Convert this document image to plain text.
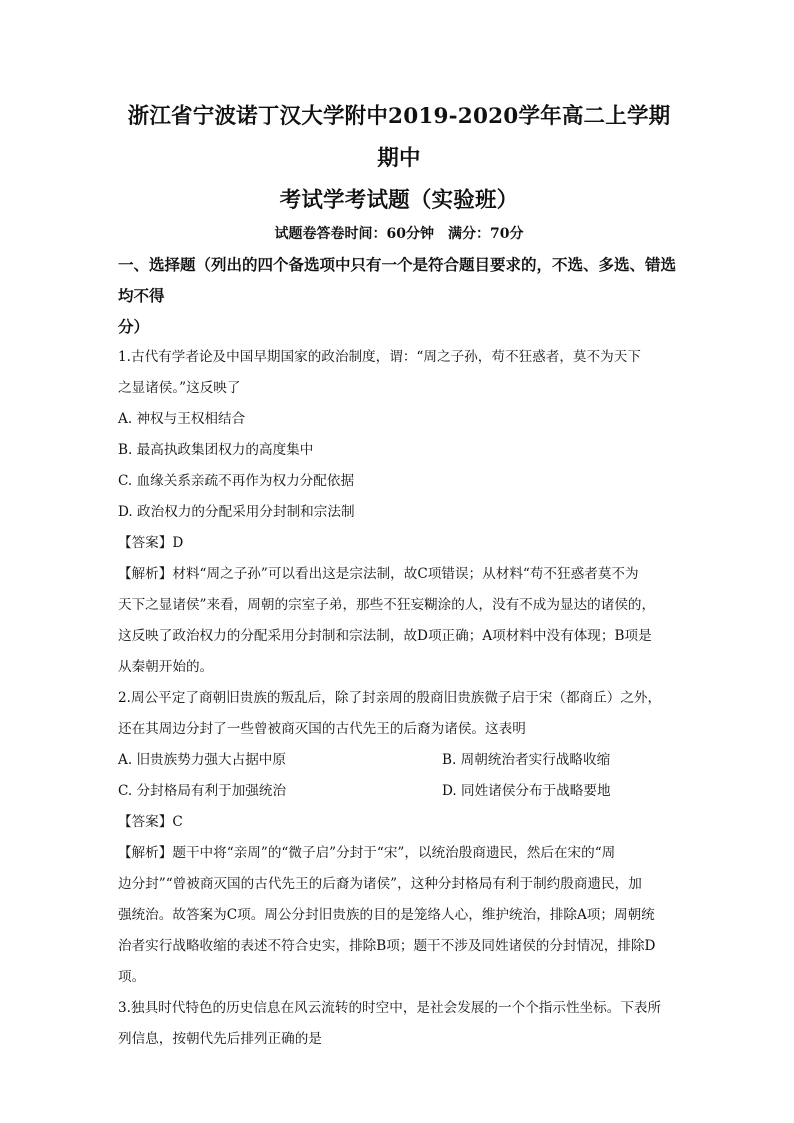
浙江省宁波诺丁汉大学附中2019-2020学年高二上学期期中
考试学考试题（实验班）
试题卷答卷时间：60分钟　满分：70分

一、选择题（列出的四个备选项中只有一个是符合题目要求的，不选、多选、错选均不得

分）

1.古代有学者论及中国早期国家的政治制度，谓：“周之子孙，苟不狂惑者，莫不为天下

之显诸侯。”这反映了

A. 神权与王权相结合

B. 最高执政集团权力的高度集中

C. 血缘关系亲疏不再作为权力分配依据

D. 政治权力的分配采用分封制和宗法制

【答案】D

【解析】材料“周之子孙”可以看出这是宗法制，故C项错误；从材料“苟不狂惑者莫不为

天下之显诸侯”来看，周朝的宗室子弟，那些不狂妄糊涂的人，没有不成为显达的诸侯的，

这反映了政治权力的分配采用分封制和宗法制，故D项正确；A项材料中没有体现；B项是

从秦朝开始的。

2.周公平定了商朝旧贵族的叛乱后，除了封亲周的殷商旧贵族微子启于宋（都商丘）之外，

还在其周边分封了一些曾被商灭国的古代先王的后裔为诸侯。这表明

A. 旧贵族势力强大占据中原	B. 周朝统治者实行战略收缩
C. 分封格局有利于加强统治	D. 同姓诸侯分布于战略要地

【答案】C

【解析】题干中将“亲周”的“微子启”分封于“宋”，以统治殷商遗民，然后在宋的“周

边分封”“曾被商灭国的古代先王的后裔为诸侯”，这种分封格局有利于制约殷商遗民，加

强统治。故答案为C项。周公分封旧贵族的目的是笼络人心，维护统治，排除A项；周朝统

治者实行战略收缩的表述不符合史实，排除B项；题干不涉及同姓诸侯的分封情况，排除D

项。

3.独具时代特色的历史信息在风云流转的时空中，是社会发展的一个个指示性坐标。下表所

列信息，按朝代先后排列正确的是
